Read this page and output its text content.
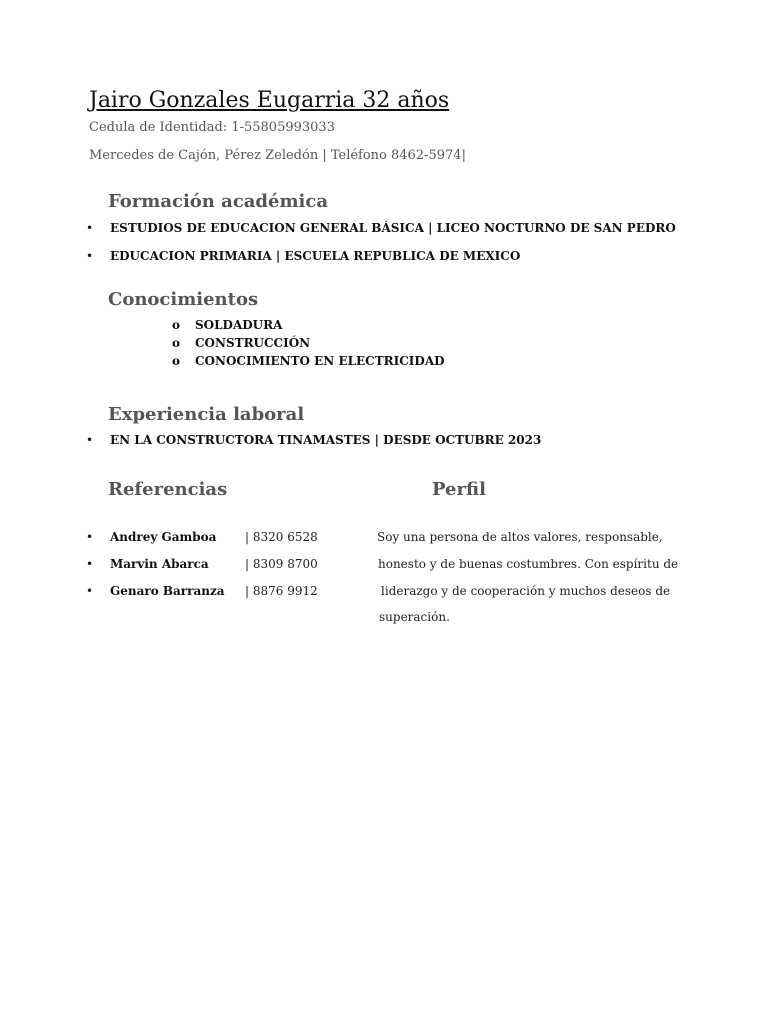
Jairo Gonzales Eugarria 32 años
Cedula de Identidad: 1-55805993033
Mercedes de Cajón, Pérez Zeledón | Teléfono 8462-5974|
Formación académica
• ESTUDIOS DE EDUCACION GENERAL BÁSICA | LICEO NOCTURNO DE SAN PEDRO
• EDUCACION PRIMARIA | ESCUELA REPUBLICA DE MEXICO
Conocimientos
o SOLDADURA
o CONSTRUCCIÓN
o CONOCIMIENTO EN ELECTRICIDAD
Experiencia laboral
• EN LA CONSTRUCTORA TINAMASTES | DESDE OCTUBRE 2023
Referencias	Perfil
• Andrey Gamboa | 8320 6528
• Marvin Abarca	| 8309 8700
• Genaro Barranza | 8876 9912
Soy una persona de altos valores, responsable,
honesto y de buenas costumbres. Con espíritu de
liderazgo y de cooperación y muchos deseos de
superación.
